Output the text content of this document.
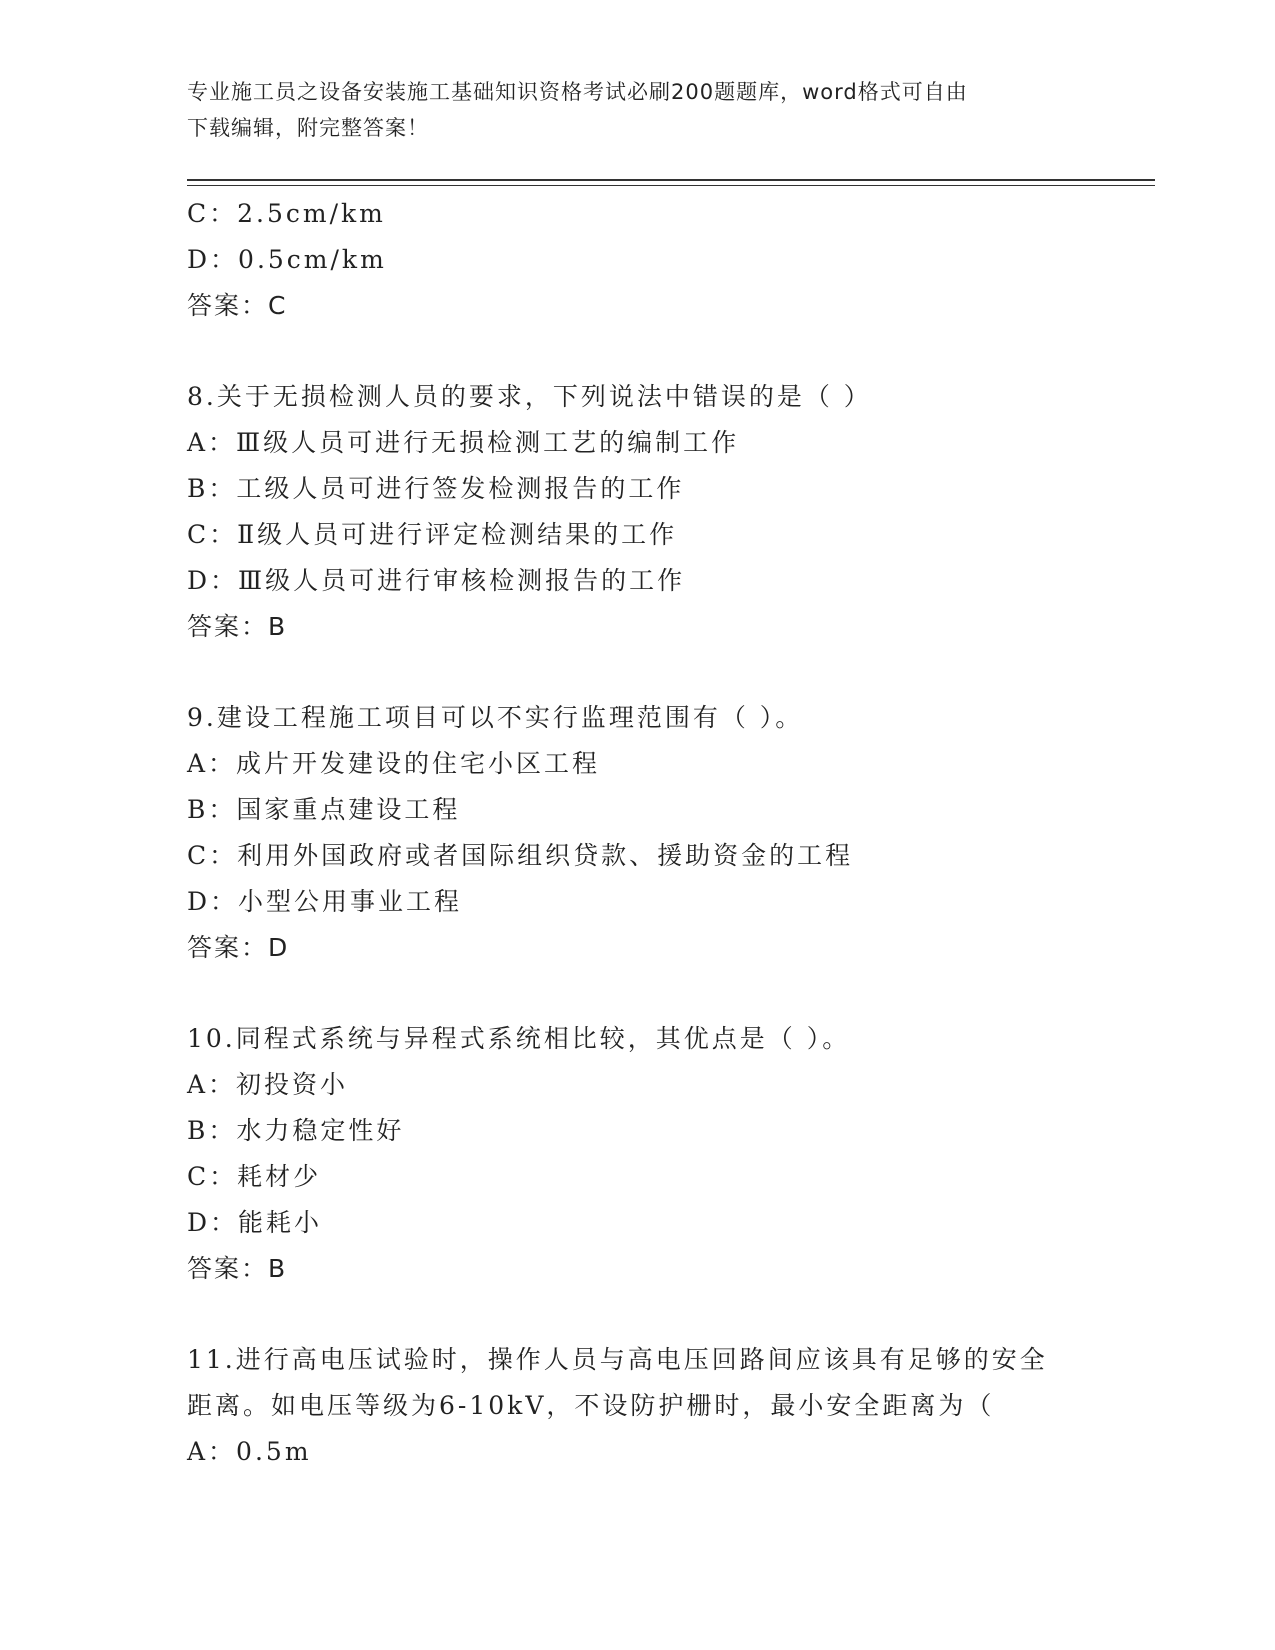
专业施工员之设备安装施工基础知识资格考试必刷200题题库，word格式可自由
下载编辑，附完整答案！
C：2.5cm/km
D：0.5cm/km
答案：C
8.关于无损检测人员的要求，下列说法中错误的是（ ）
A：Ⅲ级人员可进行无损检测工艺的编制工作
B：工级人员可进行签发检测报告的工作
C：Ⅱ级人员可进行评定检测结果的工作
D：Ⅲ级人员可进行审核检测报告的工作
答案：B
9.建设工程施工项目可以不实行监理范围有（ ）。
A：成片开发建设的住宅小区工程
B：国家重点建设工程
C：利用外国政府或者国际组织贷款、援助资金的工程
D：小型公用事业工程
答案：D
10.同程式系统与异程式系统相比较，其优点是（ ）。
A：初投资小
B：水力稳定性好
C：耗材少
D：能耗小
答案：B
11.进行高电压试验时，操作人员与高电压回路间应该具有足够的安全
距离。如电压等级为6-10kV，不设防护栅时，最小安全距离为（
A：0.5m
